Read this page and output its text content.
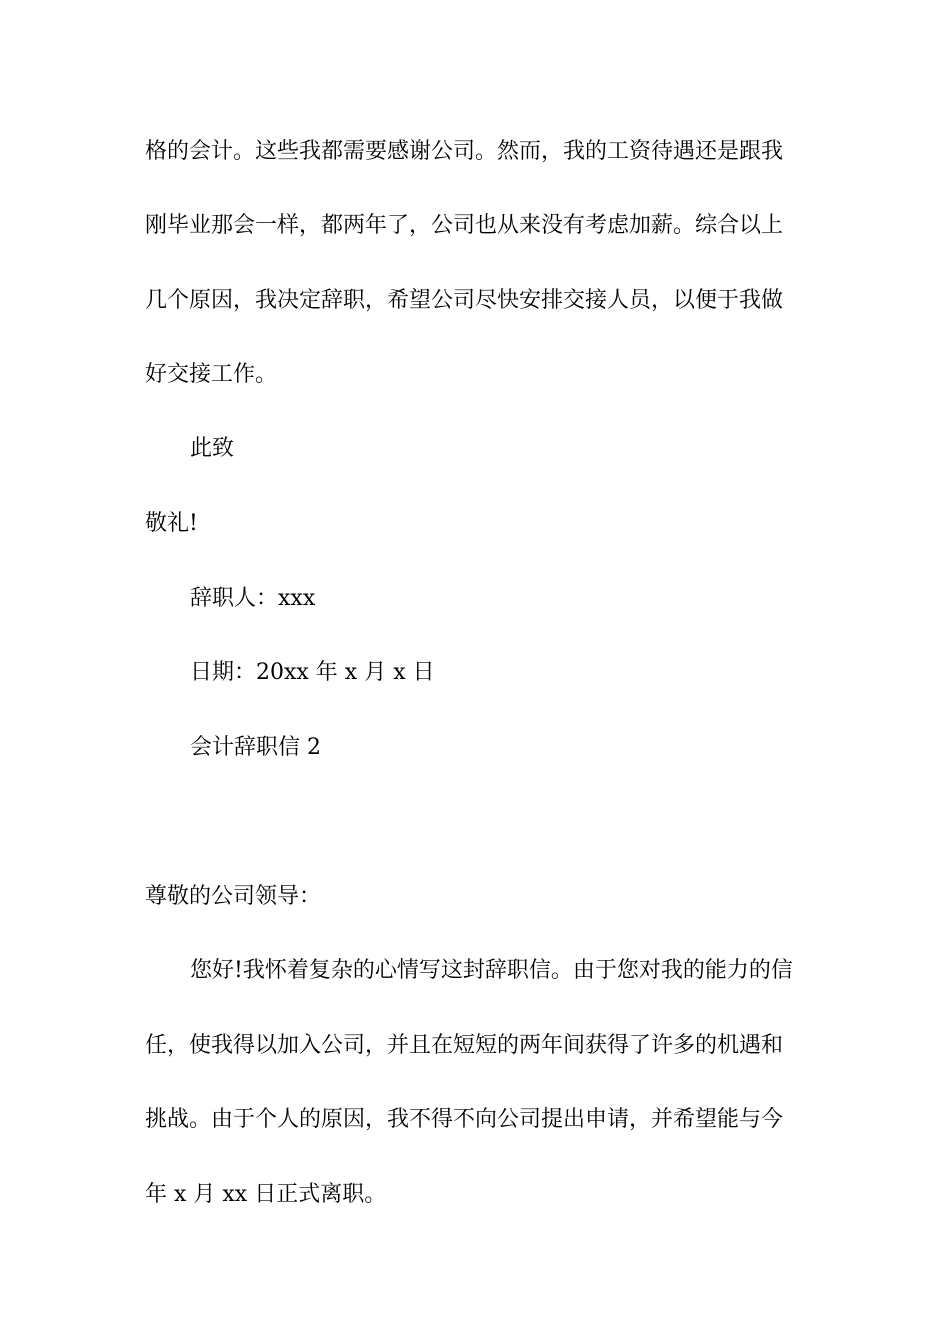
格的会计。这些我都需要感谢公司。然而，我的工资待遇还是跟我
刚毕业那会一样，都两年了，公司也从来没有考虑加薪。综合以上
几个原因，我决定辞职，希望公司尽快安排交接人员，以便于我做
好交接工作。
此致
敬礼!
辞职人：xxx
日期：20xx 年 x 月 x 日
会计辞职信 2
尊敬的公司领导：
您好!我怀着复杂的心情写这封辞职信。由于您对我的能力的信
任，使我得以加入公司，并且在短短的两年间获得了许多的机遇和
挑战。由于个人的原因，我不得不向公司提出申请，并希望能与今
年 x 月 xx 日正式离职。
